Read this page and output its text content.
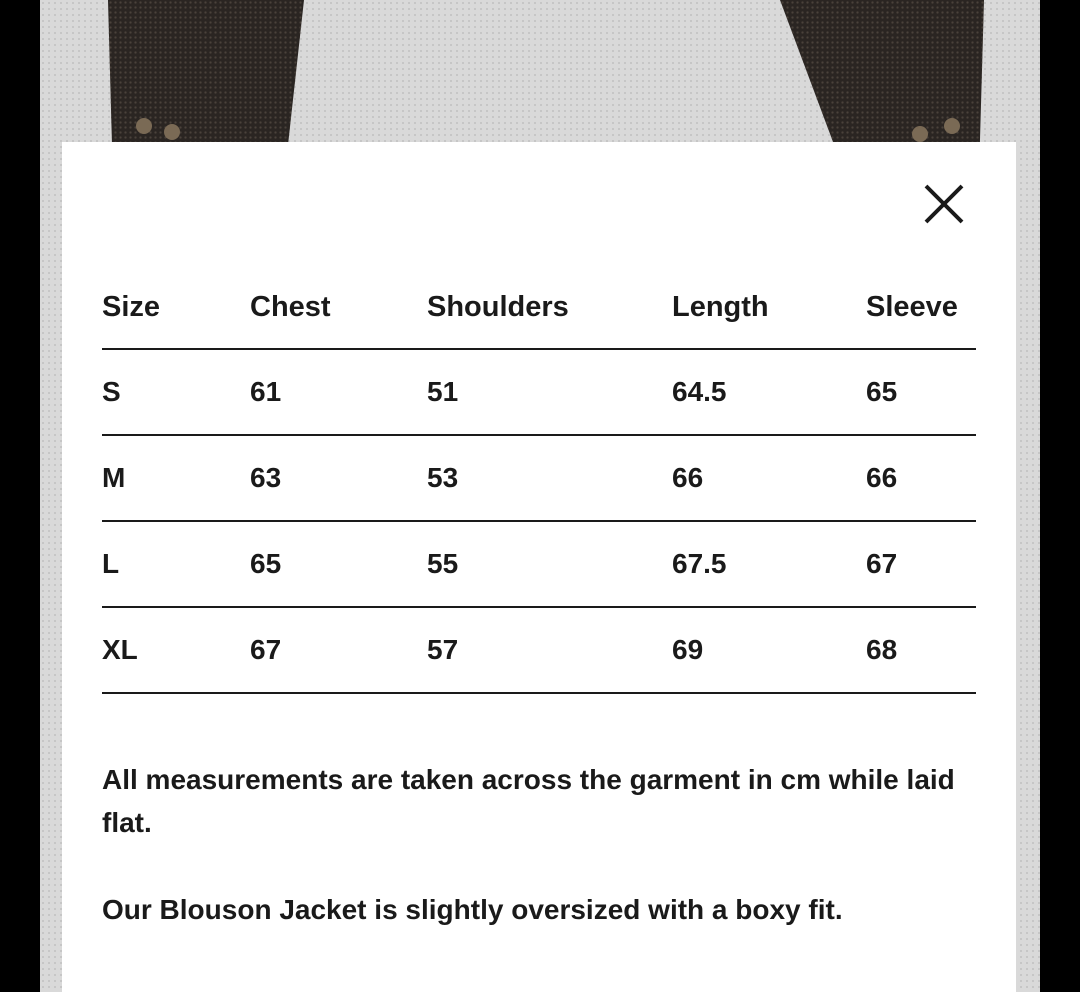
Size	Chest	Shoulders	Length	Sleeve
S	61	51	64.5	65
M	63	53	66	66
L	65	55	67.5	67
XL	67	57	69	68

All measurements are taken across the garment in cm while laid flat.

Our Blouson Jacket is slightly oversized with a boxy fit.
